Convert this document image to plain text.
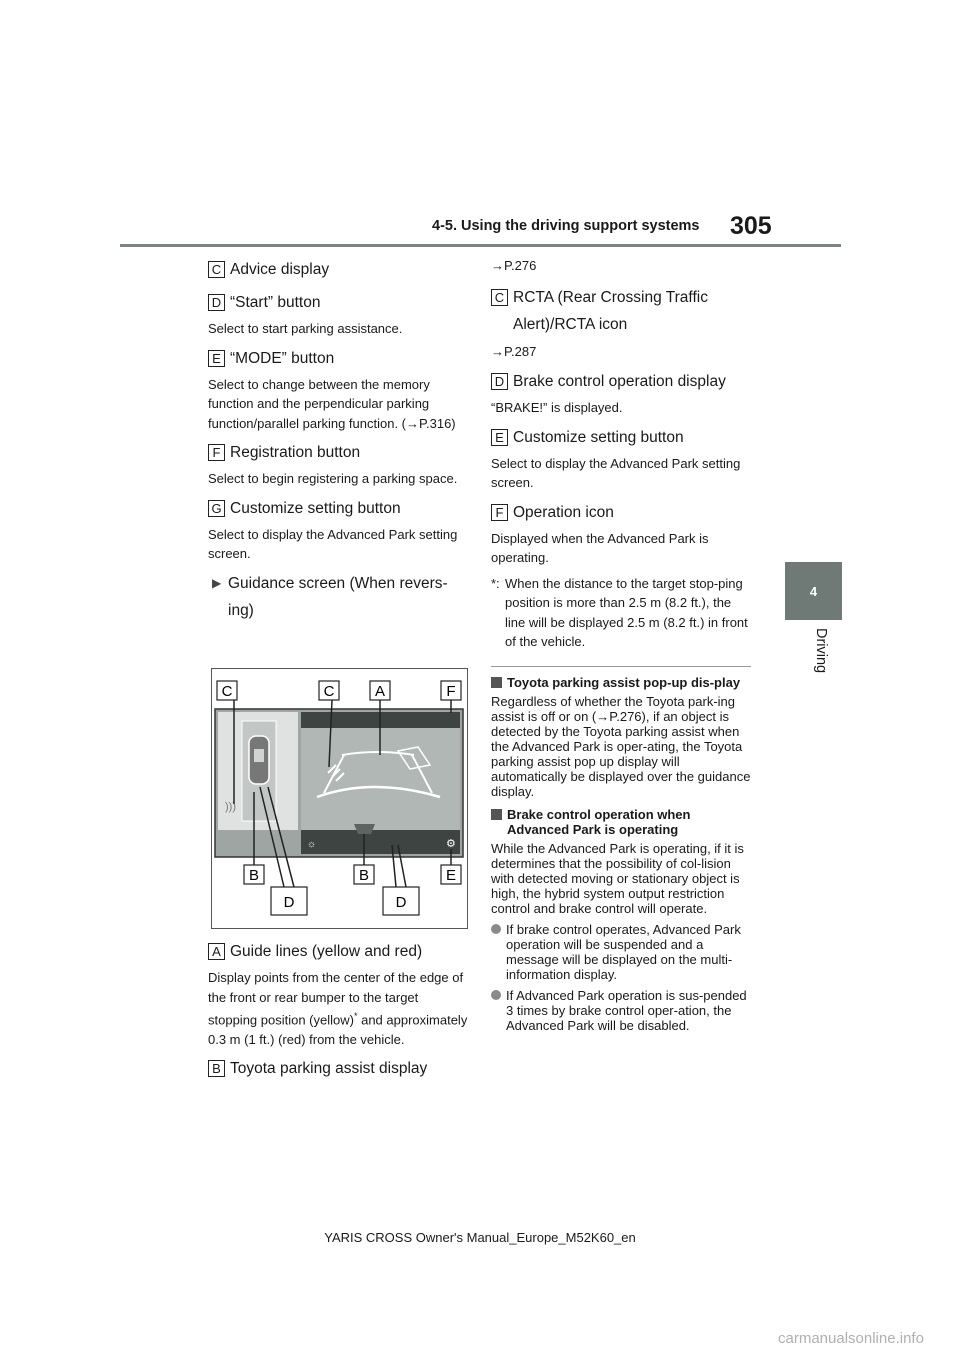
4-5. Using the driving support systems 305
4
Driving
C Advice display
D “Start” button
Select to start parking assistance.
E “MODE” button
Select to change between the memory function and the perpendicular parking function/parallel parking function. (→P.316)
F Registration button
Select to begin registering a parking space.
G Customize setting button
Select to display the Advanced Park setting screen.
▶ Guidance screen (When revers-ing)
)))
☼	⚙
C	C	A	F
B	B	E
D	D
A Guide lines (yellow and red)
Display points from the center of the edge of the front or rear bumper to the target stopping position (yellow)* and approximately 0.3 m (1 ft.) (red) from the vehicle.
B Toyota parking assist display
→P.276
C RCTA (Rear Crossing Traffic Alert)/RCTA icon
→P.287
D Brake control operation display
“BRAKE!” is displayed.
E Customize setting button
Select to display the Advanced Park setting screen.
F Operation icon
Displayed when the Advanced Park is operating.
*: When the distance to the target stop-ping position is more than 2.5 m (8.2 ft.), the line will be displayed 2.5 m (8.2 ft.) in front of the vehicle.
Toyota parking assist pop-up dis-play
Regardless of whether the Toyota park-ing assist is off or on (→P.276), if an object is detected by the Toyota parking assist when the Advanced Park is oper-ating, the Toyota parking assist pop up display will automatically be displayed over the guidance display.
Brake control operation when Advanced Park is operating
While the Advanced Park is operating, if it is determines that the possibility of col-lision with detected moving or stationary object is high, the hybrid system output restriction control and brake control will operate.
If brake control operates, Advanced Park operation will be suspended and a message will be displayed on the multi-information display.
If Advanced Park operation is sus-pended 3 times by brake control oper-ation, the Advanced Park will be disabled.
YARIS CROSS Owner's Manual_Europe_M52K60_en
carmanualsonline.info
